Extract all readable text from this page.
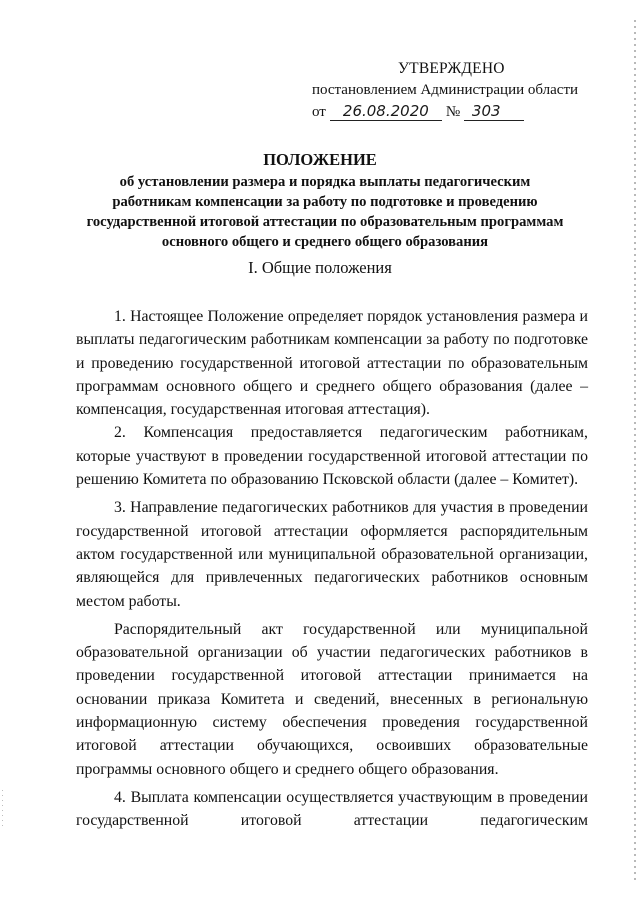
УТВЕРЖДЕНО
постановлением Администрации области
от 26.08.2020 № 303
ПОЛОЖЕНИЕ
об установлении размера и порядка выплаты педагогическим работникам компенсации за работу по подготовке и проведению государственной итоговой аттестации по образовательным программам основного общего и среднего общего образования
I. Общие положения

1. Настоящее Положение определяет порядок установления размера и выплаты педагогическим работникам компенсации за работу по подготовке и проведению государственной итоговой аттестации по образовательным программам основного общего и среднего общего образования (далее – компенсация, государственная итоговая аттестация).

2. Компенсация предоставляется педагогическим работникам, которые участвуют в проведении государственной итоговой аттестации по решению Комитета по образованию Псковской области (далее – Комитет).

3. Направление педагогических работников для участия в проведении государственной итоговой аттестации оформляется распорядительным актом государственной или муниципальной образовательной организации, являющейся для привлеченных педагогических работников основным местом работы.

Распорядительный акт государственной или муниципальной образовательной организации об участии педагогических работников в проведении государственной итоговой аттестации принимается на основании приказа Комитета и сведений, внесенных в региональную информационную систему обеспечения проведения государственной итоговой аттестации обучающихся, освоивших образовательные программы основного общего и среднего общего образования.

4. Выплата компенсации осуществляется участвующим в проведении государственной итоговой аттестации педагогическим
